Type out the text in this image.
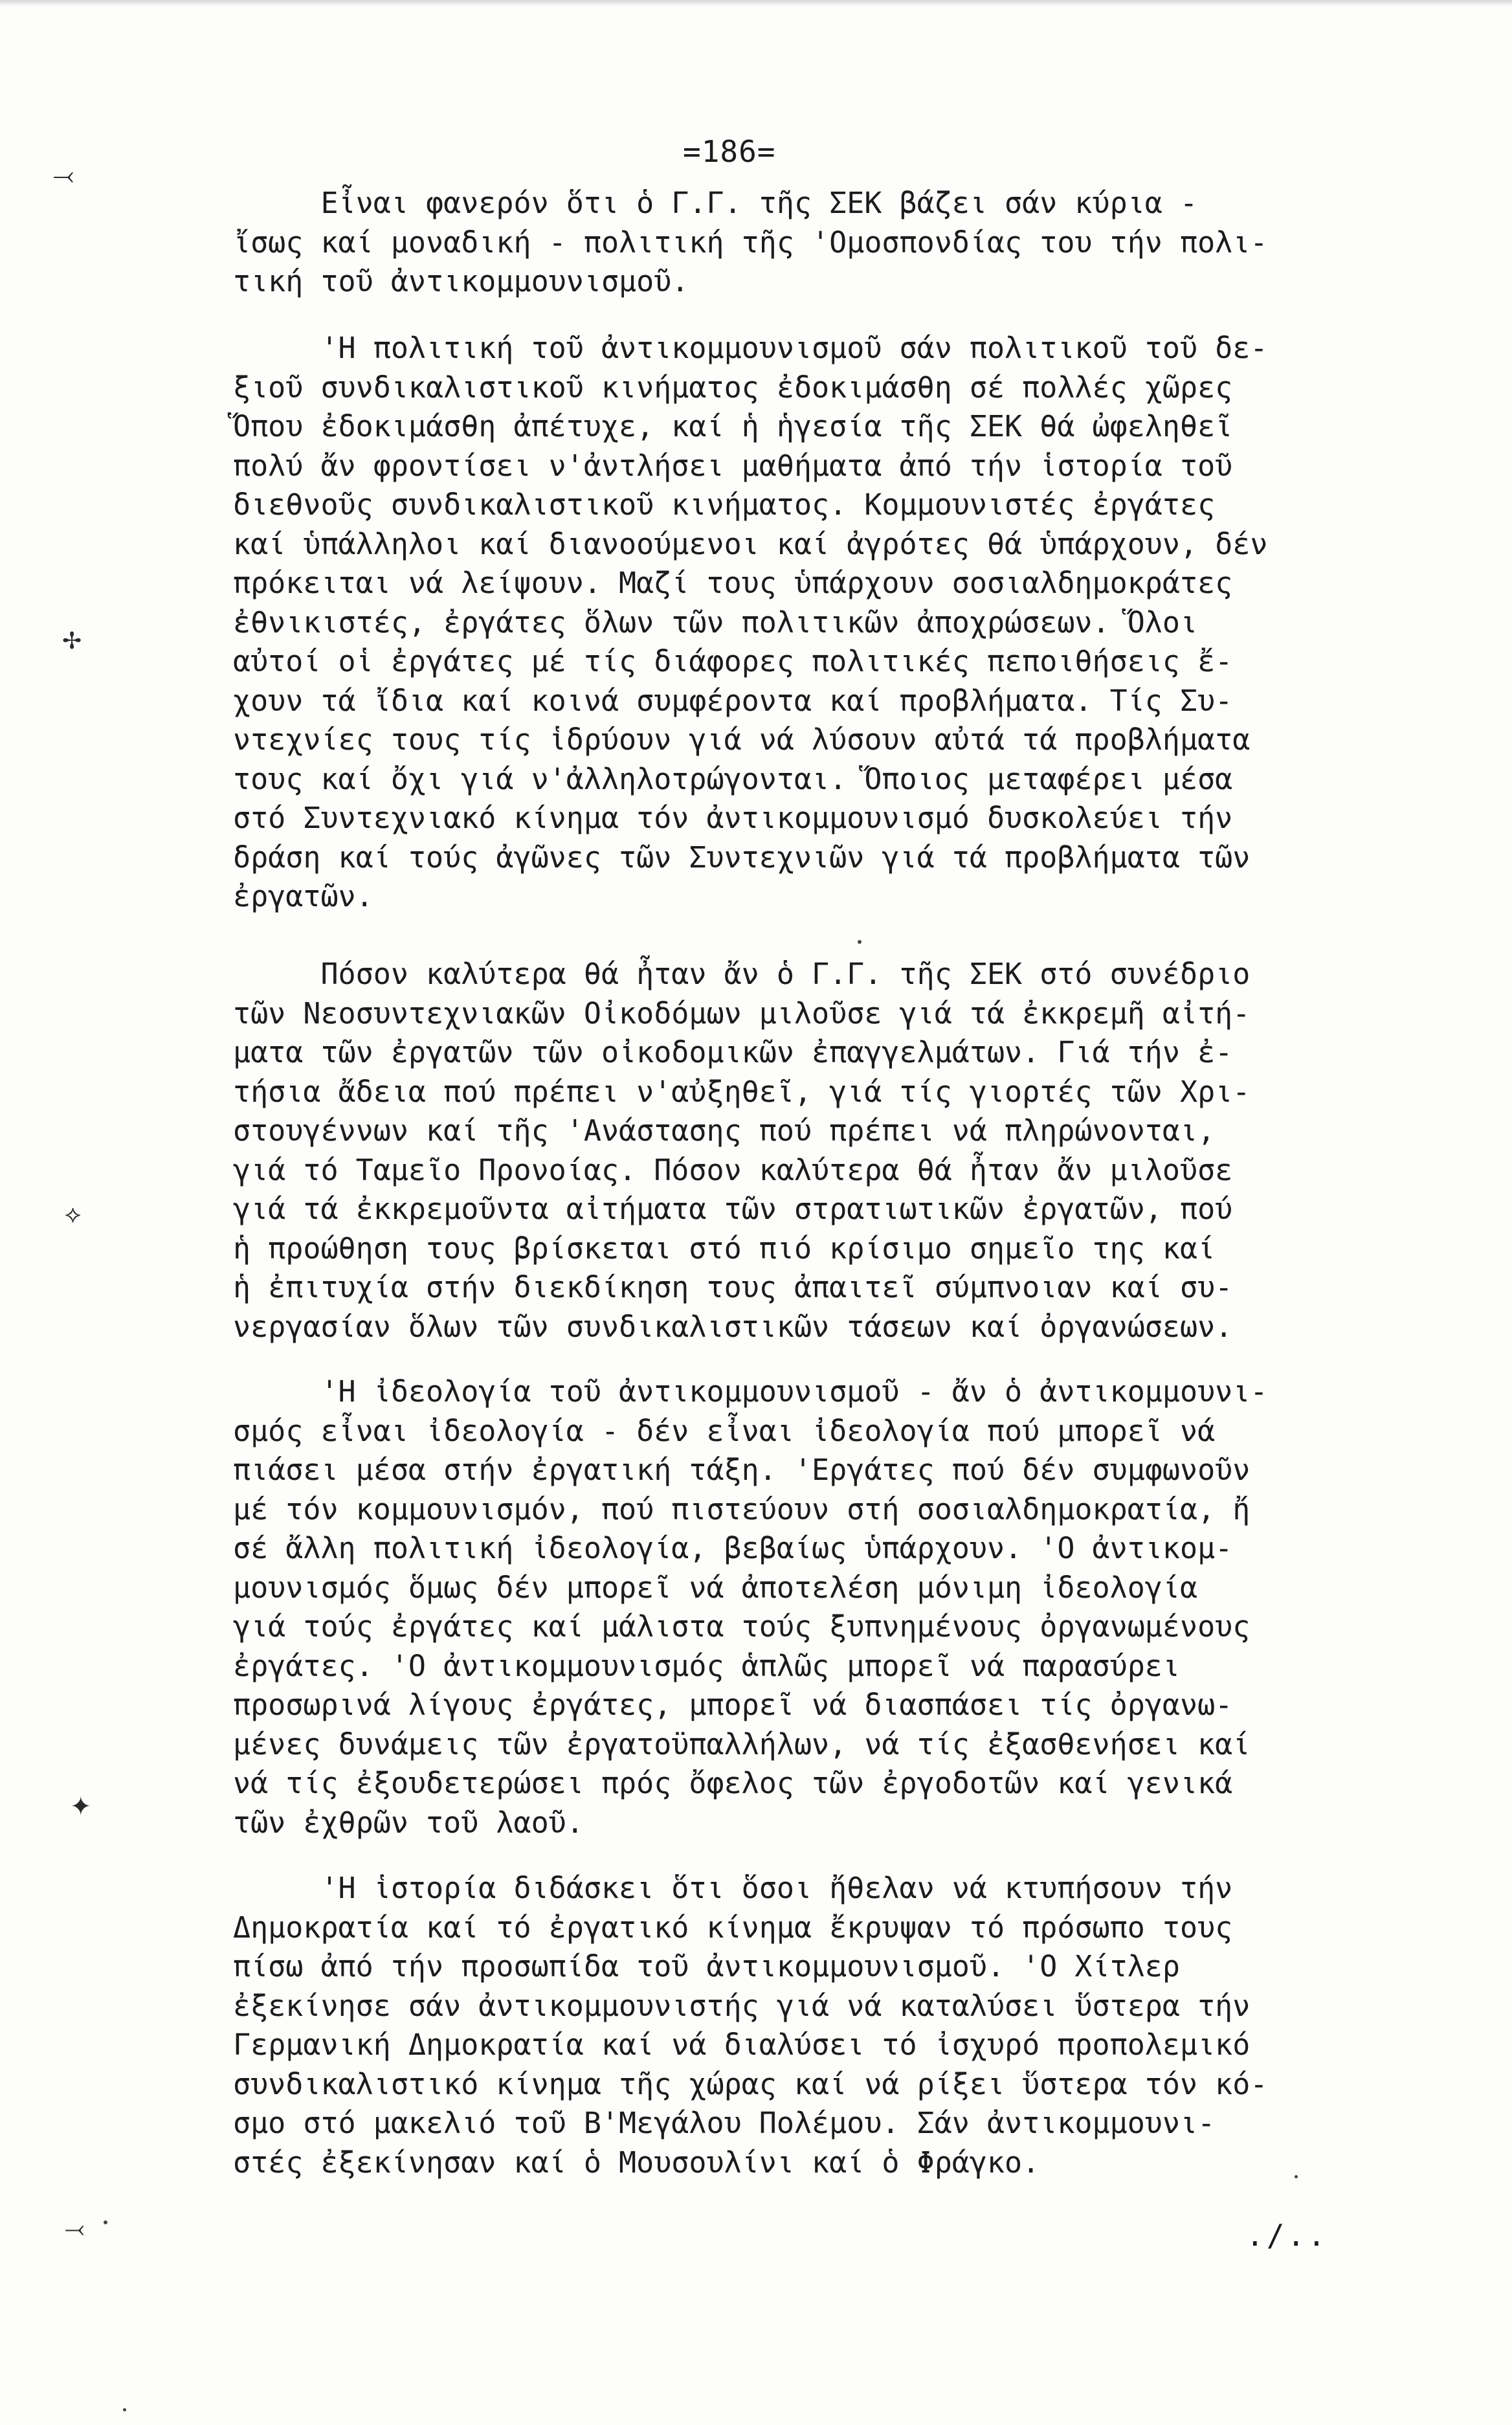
=186=
Εἶναι φανερόν ὅτι ὁ Γ.Γ. τῆς ΣΕΚ βάζει σάν κύρια -
ἴσως καί μοναδική - πολιτική τῆς 'Ομοσπονδίας του τήν πολι-
τική τοῦ ἀντικομμουνισμοῦ.
'Η πολιτική τοῦ ἀντικομμουνισμοῦ σάν πολιτικοῦ τοῦ δε-
ξιοῦ συνδικαλιστικοῦ κινήματος ἐδοκιμάσθη σέ πολλές χῶρες
Ὅπου ἐδοκιμάσθη ἀπέτυχε, καί ἡ ἡγεσία τῆς ΣΕΚ θά ὠφεληθεῖ
πολύ ἄν φροντίσει ν'ἀντλήσει μαθήματα ἀπό τήν ἱστορία τοῦ
διεθνοῦς συνδικαλιστικοῦ κινήματος. Κομμουνιστές ἐργάτες
καί ὑπάλληλοι καί διανοούμενοι καί ἀγρότες θά ὑπάρχουν, δέν
πρόκειται νά λείψουν. Μαζί τους ὑπάρχουν σοσιαλδημοκράτες
ἐθνικιστές, ἐργάτες ὅλων τῶν πολιτικῶν ἀποχρώσεων. Ὅλοι
αὐτοί οἱ ἐργάτες μέ τίς διάφορες πολιτικές πεποιθήσεις ἔ-
χουν τά ἴδια καί κοινά συμφέροντα καί προβλήματα. Τίς Συ-
ντεχνίες τους τίς ἱδρύουν γιά νά λύσουν αὐτά τά προβλήματα
τους καί ὄχι γιά ν'ἀλληλοτρώγονται. Ὅποιος μεταφέρει μέσα
στό Συντεχνιακό κίνημα τόν ἀντικομμουνισμό δυσκολεύει τήν
δράση καί τούς ἀγῶνες τῶν Συντεχνιῶν γιά τά προβλήματα τῶν
ἐργατῶν.
Πόσον καλύτερα θά ἦταν ἄν ὁ Γ.Γ. τῆς ΣΕΚ στό συνέδριο
τῶν Νεοσυντεχνιακῶν Οἰκοδόμων μιλοῦσε γιά τά ἐκκρεμῆ αἰτή-
ματα τῶν ἐργατῶν τῶν οἰκοδομικῶν ἐπαγγελμάτων. Γιά τήν ἐ-
τήσια ἄδεια πού πρέπει ν'αὐξηθεῖ, γιά τίς γιορτές τῶν Χρι-
στουγέννων καί τῆς 'Ανάστασης πού πρέπει νά πληρώνονται,
γιά τό Ταμεῖο Προνοίας. Πόσον καλύτερα θά ἦταν ἄν μιλοῦσε
γιά τά ἐκκρεμοῦντα αἰτήματα τῶν στρατιωτικῶν ἐργατῶν, πού
ἡ προώθηση τους βρίσκεται στό πιό κρίσιμο σημεῖο της καί
ἡ ἐπιτυχία στήν διεκδίκηση τους ἀπαιτεῖ σύμπνοιαν καί συ-
νεργασίαν ὅλων τῶν συνδικαλιστικῶν τάσεων καί ὀργανώσεων.
'Η ἰδεολογία τοῦ ἀντικομμουνισμοῦ - ἄν ὁ ἀντικομμουνι-
σμός εἶναι ἰδεολογία - δέν εἶναι ἰδεολογία πού μπορεῖ νά
πιάσει μέσα στήν ἐργατική τάξη. 'Εργάτες πού δέν συμφωνοῦν
μέ τόν κομμουνισμόν, πού πιστεύουν στή σοσιαλδημοκρατία, ἤ
σέ ἄλλη πολιτική ἰδεολογία, βεβαίως ὑπάρχουν. 'Ο ἀντικομ-
μουνισμός ὅμως δέν μπορεῖ νά ἀποτελέση μόνιμη ἰδεολογία
γιά τούς ἐργάτες καί μάλιστα τούς ξυπνημένους ὀργανωμένους
ἐργάτες. 'Ο ἀντικομμουνισμός ἁπλῶς μπορεῖ νά παρασύρει
προσωρινά λίγους ἐργάτες, μπορεῖ νά διασπάσει τίς ὀργανω-
μένες δυνάμεις τῶν ἐργατοϋπαλλήλων, νά τίς ἐξασθενήσει καί
νά τίς ἐξουδετερώσει πρός ὄφελος τῶν ἐργοδοτῶν καί γενικά
τῶν ἐχθρῶν τοῦ λαοῦ.
'Η ἱστορία διδάσκει ὅτι ὅσοι ἤθελαν νά κτυπήσουν τήν
Δημοκρατία καί τό ἐργατικό κίνημα ἔκρυψαν τό πρόσωπο τους
πίσω ἀπό τήν προσωπίδα τοῦ ἀντικομμουνισμοῦ. 'Ο Χίτλερ
ἐξεκίνησε σάν ἀντικομμουνιστής γιά νά καταλύσει ὕστερα τήν
Γερμανική Δημοκρατία καί νά διαλύσει τό ἰσχυρό προπολεμικό
συνδικαλιστικό κίνημα τῆς χώρας καί νά ρίξει ὕστερα τόν κό-
σμο στό μακελιό τοῦ Β'Μεγάλου Πολέμου. Σάν ἀντικομμουνι-
στές ἐξεκίνησαν καί ὁ Μουσουλίνι καί ὁ Φράγκο.
./..
⤙
✢
⟡
✦
⤙
